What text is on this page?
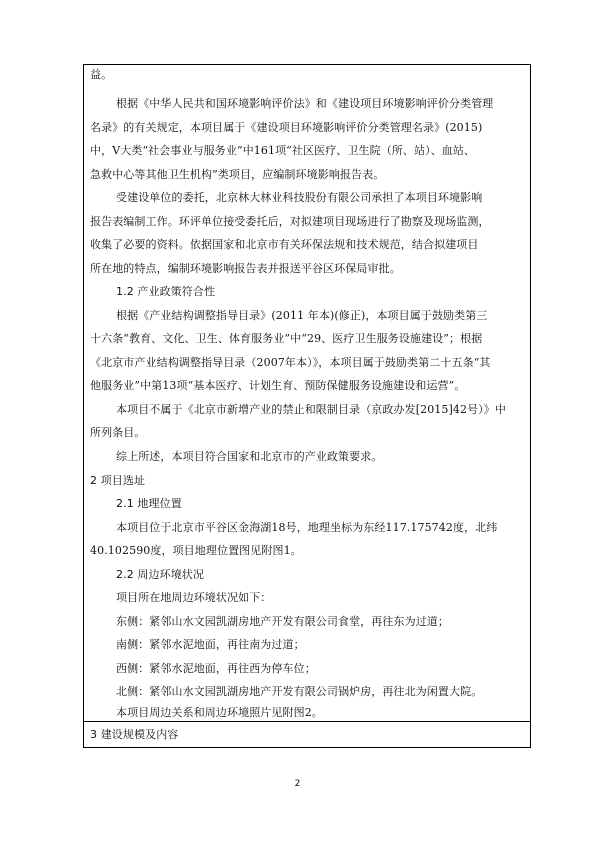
益。
根据《中华人民共和国环境影响评价法》和《建设项目环境影响评价分类管理
名录》的有关规定，本项目属于《建设项目环境影响评价分类管理名录》(2015)
中，Ⅴ大类“社会事业与服务业”中161项“社区医疗、卫生院（所、站）、血站、
急救中心等其他卫生机构”类项目，应编制环境影响报告表。
受建设单位的委托，北京林大林业科技股份有限公司承担了本项目环境影响
报告表编制工作。环评单位接受委托后，对拟建项目现场进行了勘察及现场监测，
收集了必要的资料。依据国家和北京市有关环保法规和技术规范，结合拟建项目
所在地的特点，编制环境影响报告表并报送平谷区环保局审批。
1.2 产业政策符合性
根据《产业结构调整指导目录》(2011 年本)(修正)，本项目属于鼓励类第三
十六条“教育、文化、卫生、体育服务业”中“29、医疗卫生服务设施建设”；根据
《北京市产业结构调整指导目录（2007年本）》，本项目属于鼓励类第二十五条“其
他服务业”中第13项“基本医疗、计划生育、预防保健服务设施建设和运营”。
本项目不属于《北京市新增产业的禁止和限制目录（京政办发[2015]42号）》中
所列条目。
综上所述，本项目符合国家和北京市的产业政策要求。
2 项目选址
2.1 地理位置
本项目位于北京市平谷区金海湖18号，地理坐标为东经117.175742度，北纬
40.102590度，项目地理位置图见附图1。
2.2 周边环境状况
项目所在地周边环境状况如下：
东侧：紧邻山水文园凯湖房地产开发有限公司食堂，再往东为过道；
南侧：紧邻水泥地面，再往南为过道；
西侧：紧邻水泥地面，再往西为停车位；
北侧：紧邻山水文园凯湖房地产开发有限公司锅炉房，再往北为闲置大院。
本项目周边关系和周边环境照片见附图2。
3 建设规模及内容
2
